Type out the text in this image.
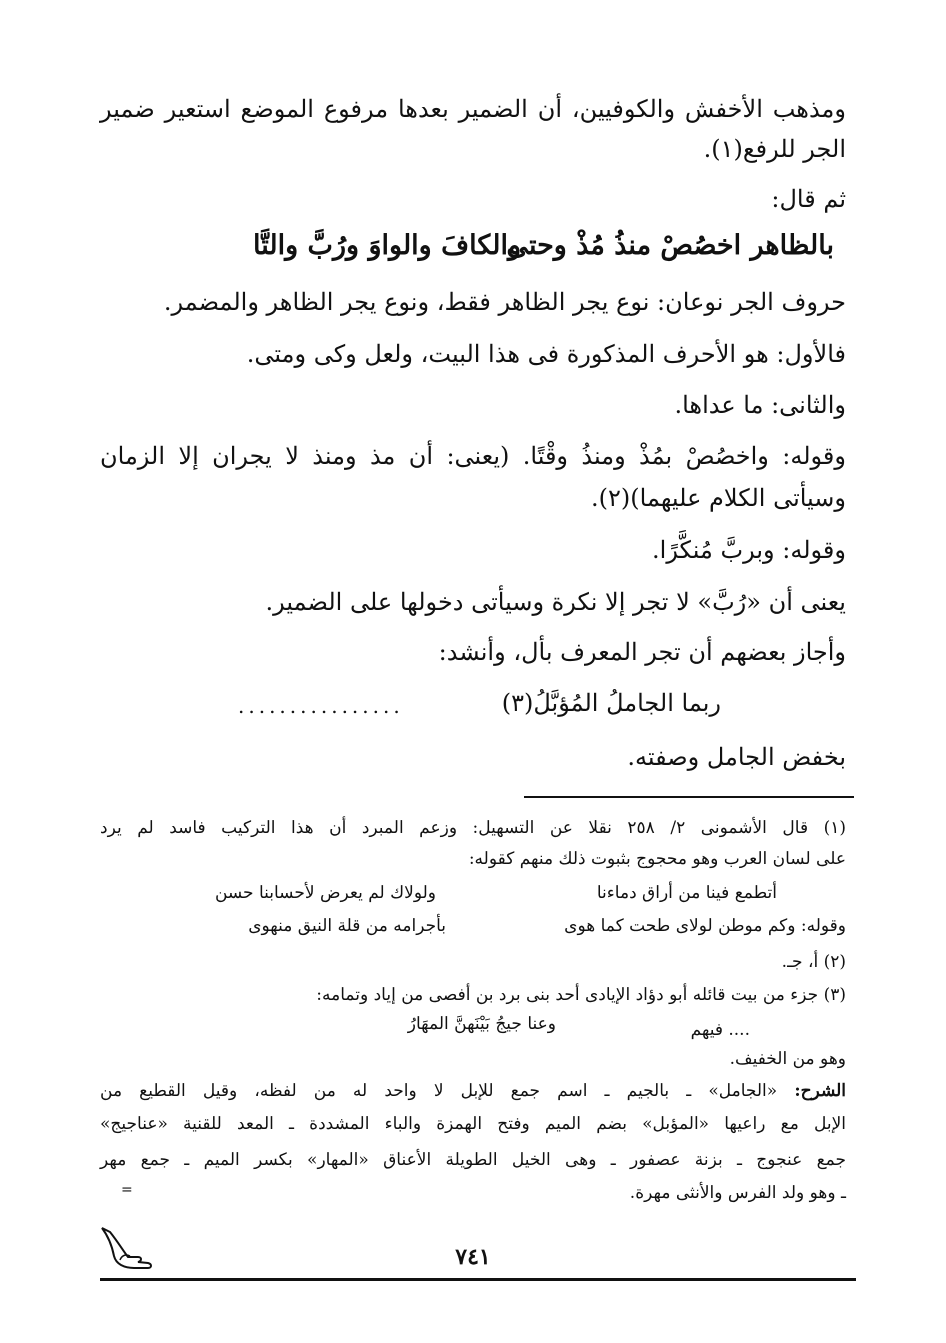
ومذهب الأخفش والكوفيين، أن الضمير بعدها مرفوع الموضع استعير ضمير
الجر للرفع(١).
ثم قال:
بالظاهر اخصُصْ منذُ مُذْ وحتى
والكافَ والواوَ ورُبَّ والتَّا
حروف الجر نوعان: نوع يجر الظاهر فقط، ونوع يجر الظاهر والمضمر.
فالأول: هو الأحرف المذكورة فى هذا البيت، ولعل وكى ومتى.
والثانى: ما عداها.
وقوله: واخصُصْ بمُذْ ومنذُ وقْتًا. (يعنى: أن مذ ومنذ لا يجران إلا الزمان
وسيأتى الكلام عليهما)(٢).
وقوله: وبربَّ مُنكَّرًا.
يعنى أن «رُبَّ» لا تجر إلا نكرة وسيأتى دخولها على الضمير.
وأجاز بعضهم أن تجر المعرف بأل، وأنشد:
ربما الجاملُ المُؤبَّلُ(٣)
................
بخفض الجامل وصفته.
(١) قال الأشمونى ٢/ ٢٥٨ نقلا عن التسهيل: وزعم المبرد أن هذا التركيب فاسد لم يرد
على لسان العرب وهو محجوج بثبوت ذلك منهم كقوله:
أتطمع فينا من أراق دماءنا
ولولاك لم يعرض لأحسابنا حسن
وقوله: وكم موطن لولاى طحت كما هوى
بأجرامه من قلة النيق منهوى
(٢) أ، جـ.
(٣) جزء من بيت قائله أبو دؤاد الإيادى أحد بنى برد بن أفصى من إياد وتمامه:
.... فيهم
وعنا جيجُ بَيْنَهنَّ المهَارُ
وهو من الخفيف.
الشرح: «الجامل» ـ بالجيم ـ اسم جمع للإبل لا واحد له من لفظه، وقيل القطيع من
الإبل مع راعيها «المؤبل» بضم الميم وفتح الهمزة والباء المشددة ـ المعد للقنية «عناجيج»
جمع عنجوج ـ بزنة عصفور ـ وهى الخيل الطويلة الأعناق «المهار» بكسر الميم ـ جمع مهر
ـ وهو ولد الفرس والأنثى مهرة.
=
٧٤١
